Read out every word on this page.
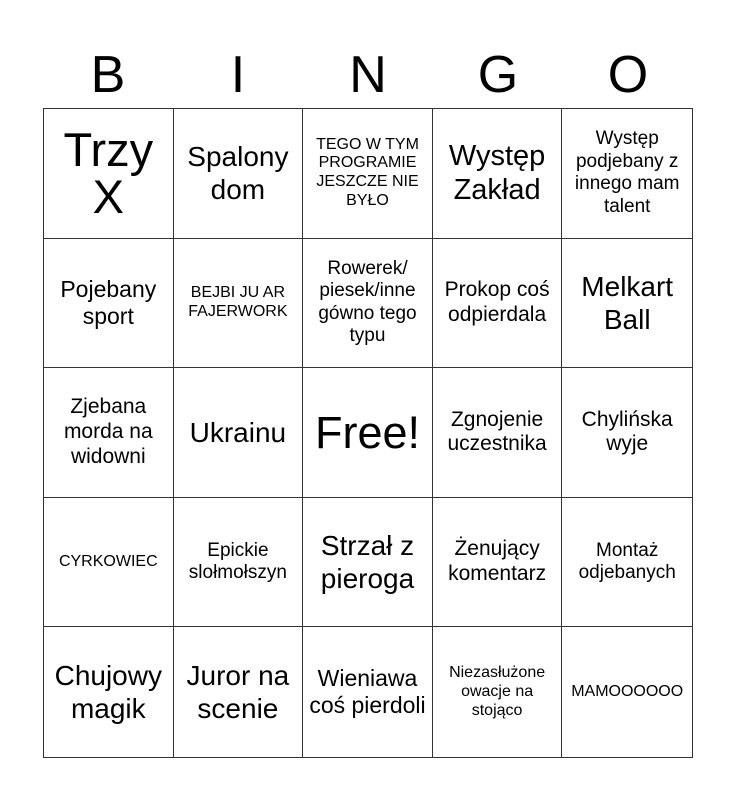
B	I	N	G	O
Trzy X
Spalony dom
TEGO W TYM PROGRAMIE JESZCZE NIE BYŁO
Występ Zakład
Występ podjebany z innego mam talent
Pojebany sport
BEJBI JU AR FAJERWORK
Rowerek/ piesek/inne gówno tego typu
Prokop coś odpierdala
Melkart Ball
Zjebana morda na widowni
Ukrainu Free!	Zgnojenie uczestnika
Chylińska wyje
CYRKOWIEC
Epickie slołmołszyn
Strzał z pieroga
Żenujący komentarz
Montaż odjebanych
Chujowy magik
Juror na scenie
Wieniawa coś pierdoli
Niezasłużone owacje na stojąco
MAMOOOOOO
